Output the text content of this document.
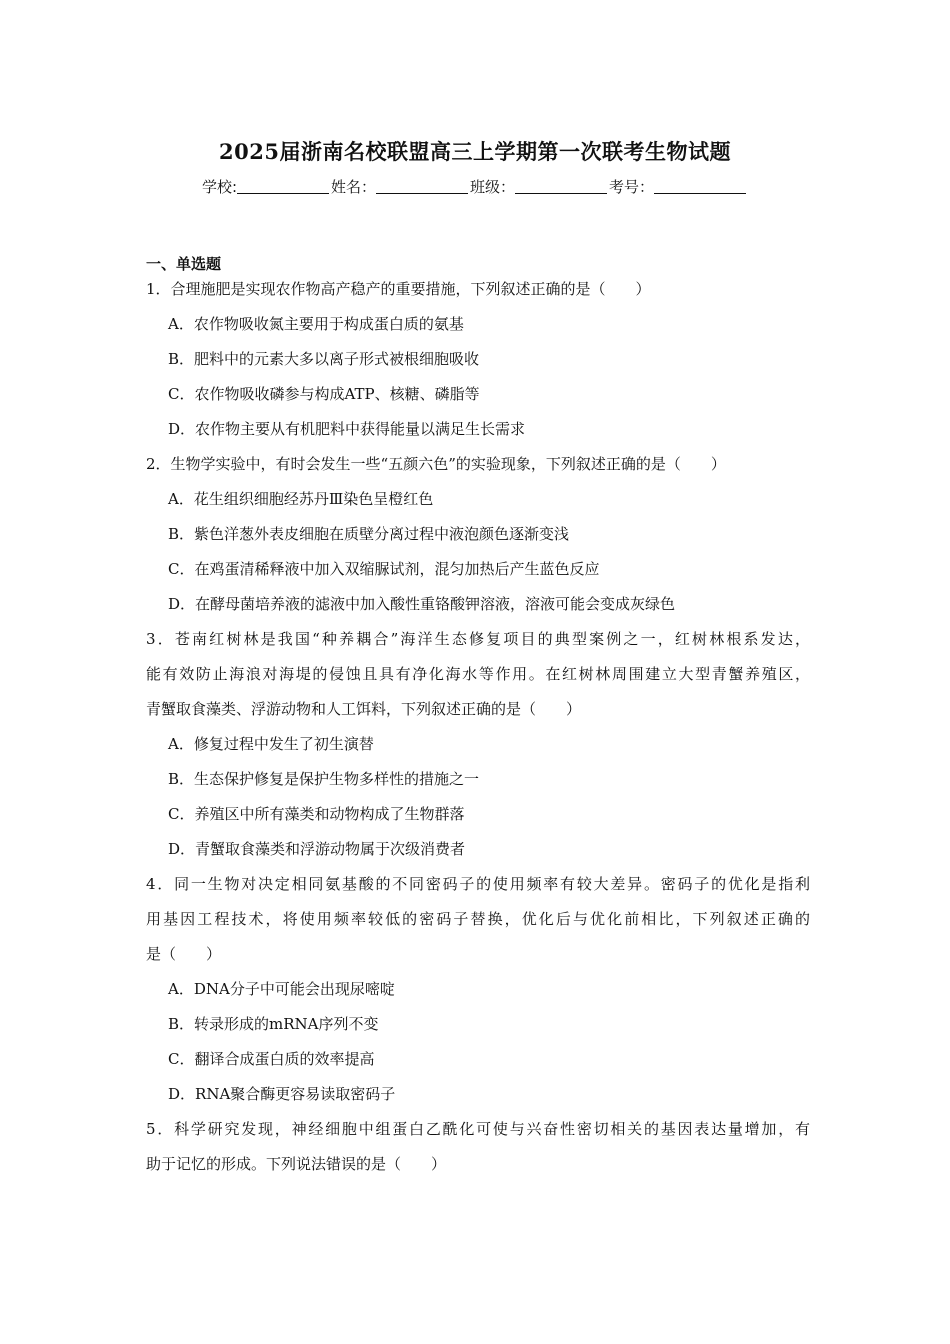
2025届浙南名校联盟高三上学期第一次联考生物试题
学校:	姓名：	班级：	考号：
一、单选题
1．合理施肥是实现农作物高产稳产的重要措施，下列叙述正确的是（　　）
A．农作物吸收氮主要用于构成蛋白质的氨基
B．肥料中的元素大多以离子形式被根细胞吸收
C．农作物吸收磷参与构成ATP、核糖、磷脂等
D．农作物主要从有机肥料中获得能量以满足生长需求
2．生物学实验中，有时会发生一些“五颜六色”的实验现象，下列叙述正确的是（　　）
A．花生组织细胞经苏丹Ⅲ染色呈橙红色
B．紫色洋葱外表皮细胞在质壁分离过程中液泡颜色逐渐变浅
C．在鸡蛋清稀释液中加入双缩脲试剂，混匀加热后产生蓝色反应
D．在酵母菌培养液的滤液中加入酸性重铬酸钾溶液，溶液可能会变成灰绿色
3．苍南红树林是我国“种养耦合”海洋生态修复项目的典型案例之一，红树林根系发达，
能有效防止海浪对海堤的侵蚀且具有净化海水等作用。在红树林周围建立大型青蟹养殖区，
青蟹取食藻类、浮游动物和人工饵料，下列叙述正确的是（　　）
A．修复过程中发生了初生演替
B．生态保护修复是保护生物多样性的措施之一
C．养殖区中所有藻类和动物构成了生物群落
D．青蟹取食藻类和浮游动物属于次级消费者
4．同一生物对决定相同氨基酸的不同密码子的使用频率有较大差异。密码子的优化是指利
用基因工程技术，将使用频率较低的密码子替换，优化后与优化前相比，下列叙述正确的
是（　　）
A．DNA分子中可能会出现尿嘧啶
B．转录形成的mRNA序列不变
C．翻译合成蛋白质的效率提高
D．RNA聚合酶更容易读取密码子
5．科学研究发现，神经细胞中组蛋白乙酰化可使与兴奋性密切相关的基因表达量增加，有
助于记忆的形成。下列说法错误的是（　　）
